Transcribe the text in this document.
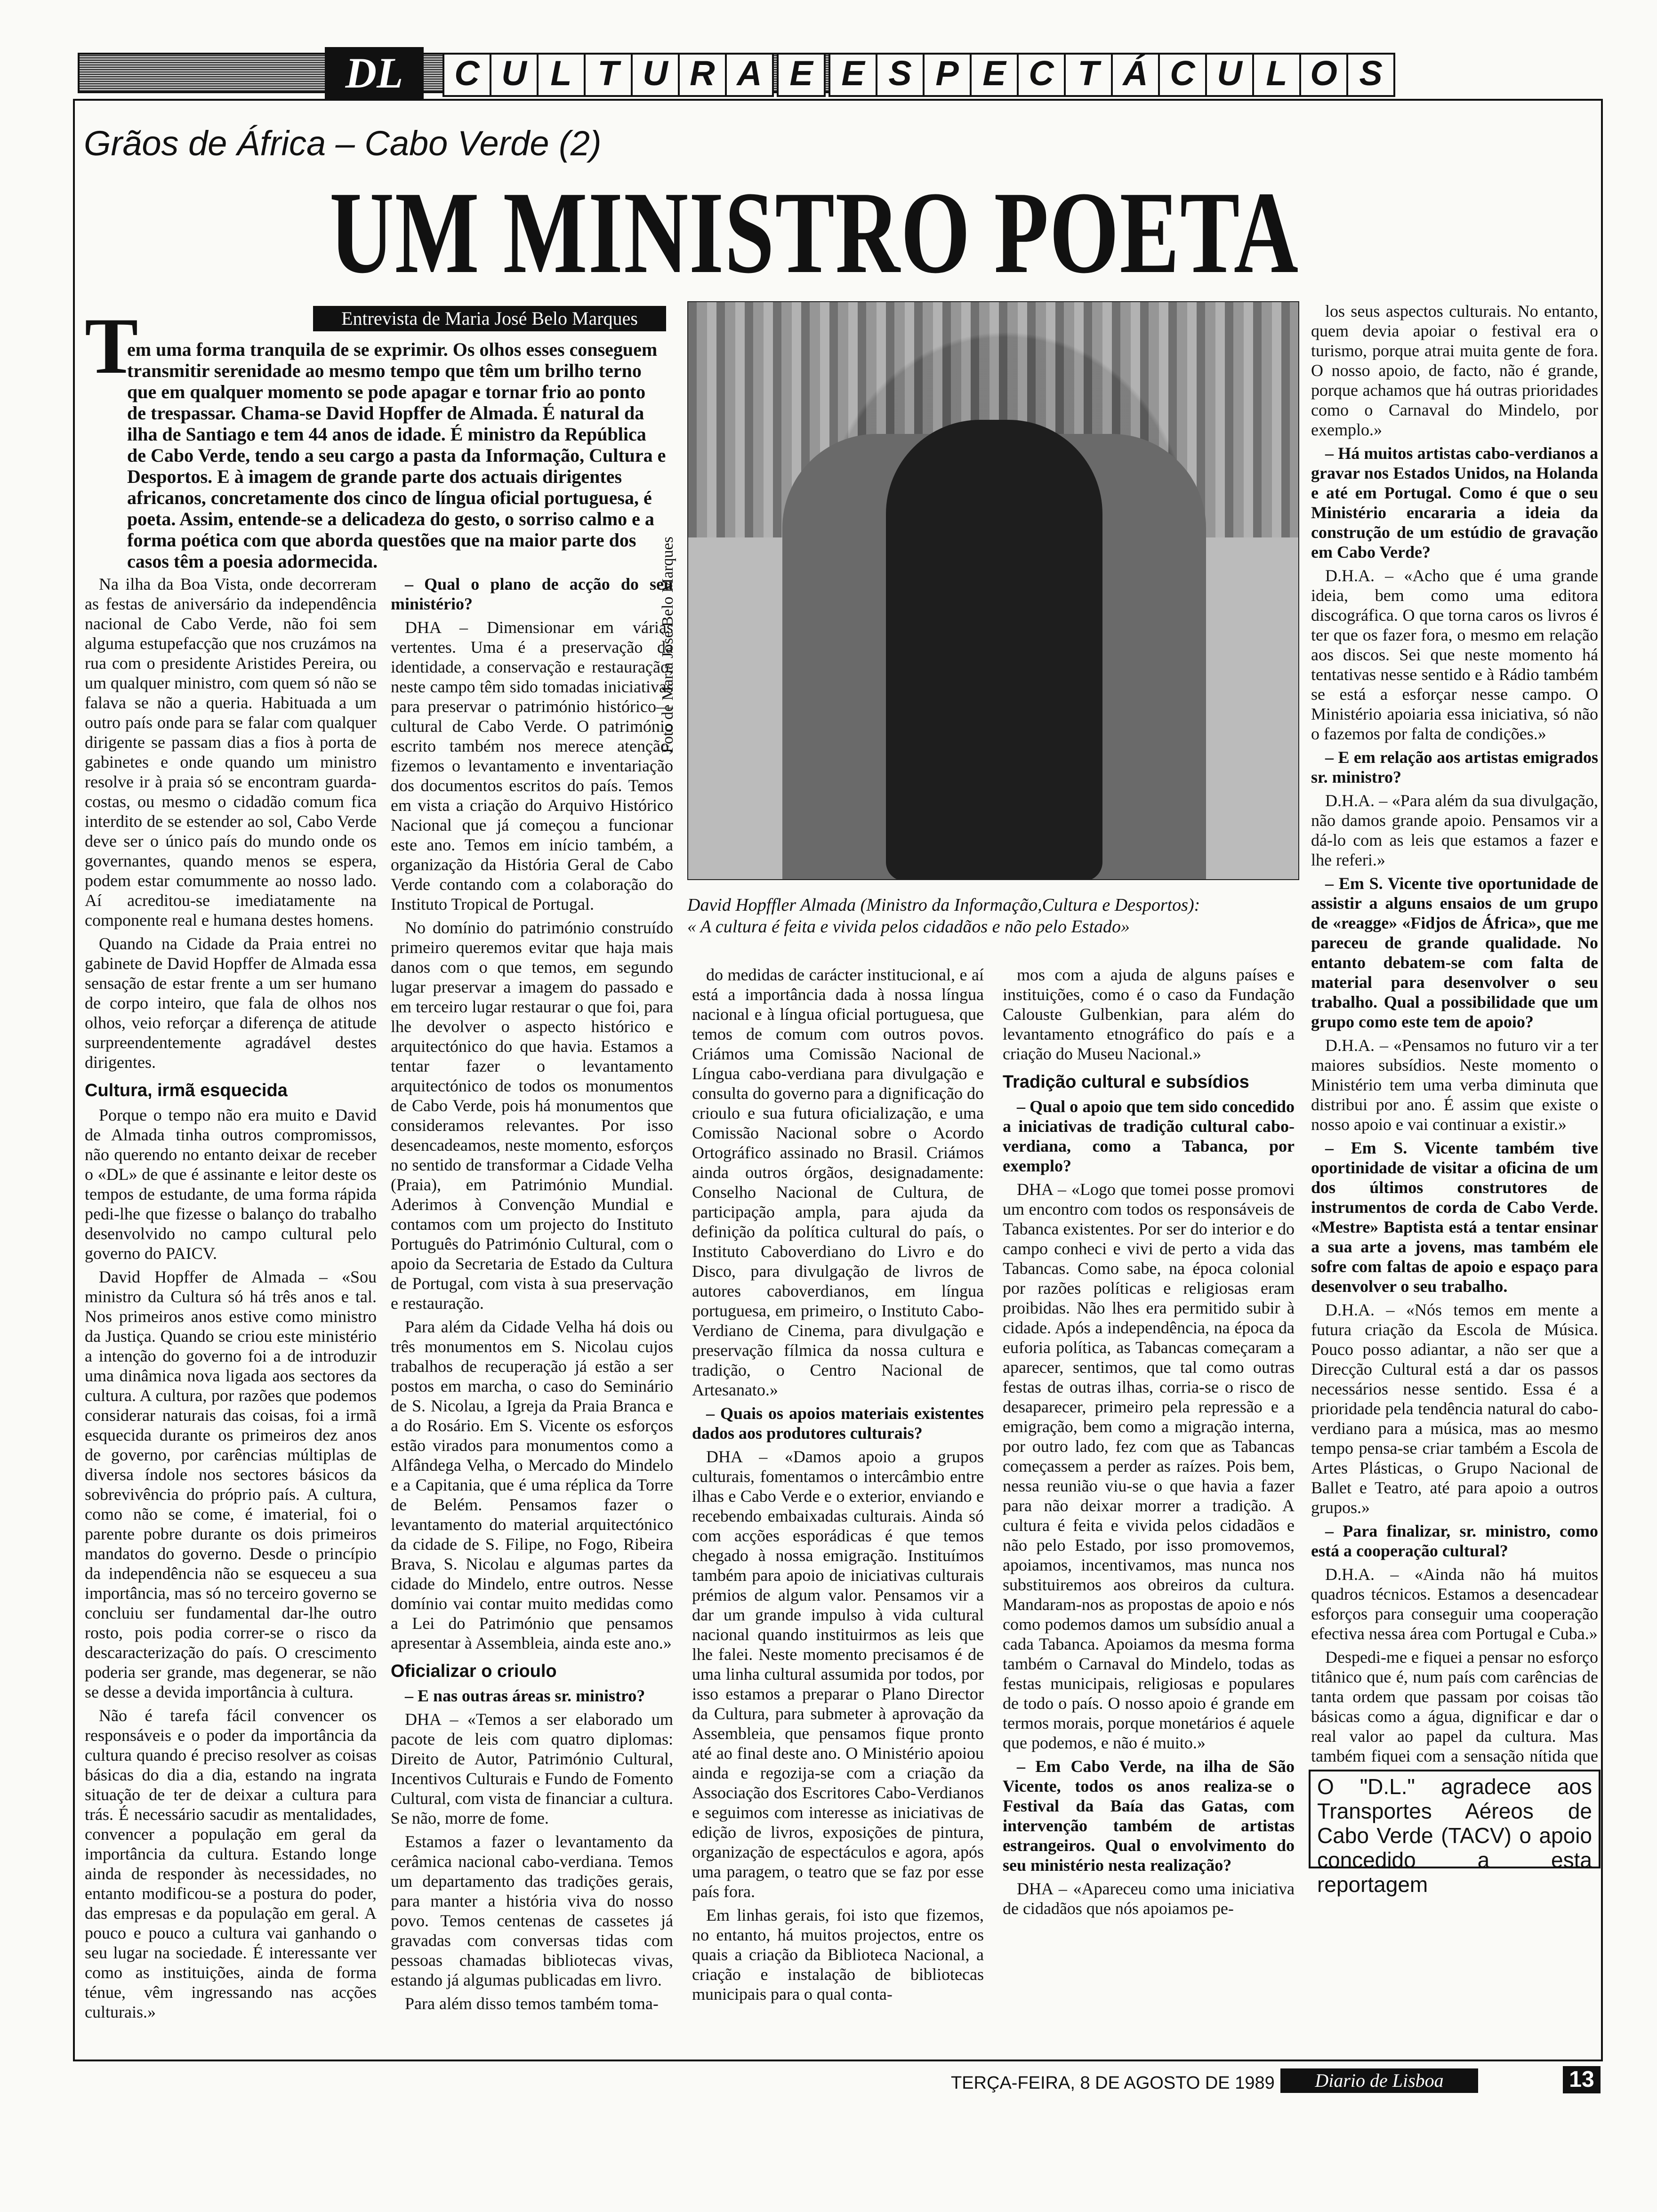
DL	C U L T U R A E E S P E C T Á C U L O S
Grãos de África – Cabo Verde (2)
UM MINISTRO POETA
Entrevista de Maria José Belo Marques
T
em uma forma tranquila de se exprimir. Os olhos esses conseguem transmitir serenidade ao mesmo tempo que têm um brilho terno que em qualquer momento se pode apagar e tornar frio ao ponto de trespassar. Chama-se David Hopffer de Almada. É natural da ilha de Santiago e tem 44 anos de idade. É ministro da República de Cabo Verde, tendo a seu cargo a pasta da Informação, Cultura e Desportos. E à imagem de grande parte dos actuais dirigentes africanos, concretamente dos cinco de língua oficial portuguesa, é poeta. Assim, entende-se a delicadeza do gesto, o sorriso calmo e a forma poética com que aborda questões que na maior parte dos casos têm a poesia adormecida.	Foto de Maria José Belo Marques
David Hopffler Almada (Ministro da Informação,Cultura e Desportos):
« A cultura é feita e vivida pelos cidadãos e não pelo Estado»

Na ilha da Boa Vista, onde decorreram as festas de aniversário da independência nacional de Cabo Verde, não foi sem alguma estupefacção que nos cruzámos na rua com o presidente Aristides Pereira, ou um qualquer ministro, com quem só não se falava se não a queria. Habituada a um outro país onde para se falar com qualquer dirigente se passam dias a fios à porta de gabinetes e onde quando um ministro resolve ir à praia só se encontram guarda-costas, ou mesmo o cidadão comum fica interdito de se estender ao sol, Cabo Verde deve ser o único país do mundo onde os governantes, quando menos se espera, podem estar comummente ao nosso lado. Aí acreditou-se imediatamente na componente real e humana destes homens.

Quando na Cidade da Praia entrei no gabinete de David Hopffer de Almada essa sensação de estar frente a um ser humano de corpo inteiro, que fala de olhos nos olhos, veio reforçar a diferença de atitude surpreendentemente agradável destes dirigentes.

Cultura, irmã esquecida

Porque o tempo não era muito e David de Almada tinha outros compromissos, não querendo no entanto deixar de receber o «DL» de que é assinante e leitor deste os tempos de estudante, de uma forma rápida pedi-lhe que fizesse o balanço do trabalho desenvolvido no campo cultural pelo governo do PAICV.

David Hopffer de Almada – «Sou ministro da Cultura só há três anos e tal. Nos primeiros anos estive como ministro da Justiça. Quando se criou este ministério a intenção do governo foi a de introduzir uma dinâmica nova ligada aos sectores da cultura. A cultura, por razões que podemos considerar naturais das coisas, foi a irmã esquecida durante os primeiros dez anos de governo, por carências múltiplas de diversa índole nos sectores básicos da sobrevivência do próprio país. A cultura, como não se come, é imaterial, foi o parente pobre durante os dois primeiros mandatos do governo. Desde o princípio da independência não se esqueceu a sua importância, mas só no terceiro governo se concluiu ser fundamental dar-lhe outro rosto, pois podia correr-se o risco da descaracterização do país. O crescimento poderia ser grande, mas degenerar, se não se desse a devida importância à cultura.

Não é tarefa fácil convencer os responsáveis e o poder da importância da cultura quando é preciso resolver as coisas básicas do dia a dia, estando na ingrata situação de ter de deixar a cultura para trás. É necessário sacudir as mentalidades, convencer a população em geral da importância da cultura. Estando longe ainda de responder às necessidades, no entanto modificou-se a postura do poder, das empresas e da população em geral. A pouco e pouco a cultura vai ganhando o seu lugar na sociedade. É interessante ver como as instituições, ainda de forma ténue, vêm ingressando nas acções culturais.»

– Qual o plano de acção do seu ministério?

DHA – Dimensionar em várias vertentes. Uma é a preservação da identidade, a conservação e restauração, neste campo têm sido tomadas iniciativas para preservar o património histórico—cultural de Cabo Verde. O património escrito também nos merece atenção, fizemos o levantamento e inventariação dos documentos escritos do país. Temos em vista a criação do Arquivo Histórico Nacional que já começou a funcionar este ano. Temos em início também, a organização da História Geral de Cabo Verde contando com a colaboração do Instituto Tropical de Portugal.

No domínio do património construído primeiro queremos evitar que haja mais danos com o que temos, em segundo lugar preservar a imagem do passado e em terceiro lugar restaurar o que foi, para lhe devolver o aspecto histórico e arquitectónico do que havia. Estamos a tentar fazer o levantamento arquitectónico de todos os monumentos de Cabo Verde, pois há monumentos que consideramos relevantes. Por isso desencadeamos, neste momento, esforços no sentido de transformar a Cidade Velha (Praia), em Património Mundial. Aderimos à Convenção Mundial e contamos com um projecto do Instituto Português do Património Cultural, com o apoio da Secretaria de Estado da Cultura de Portugal, com vista à sua preservação e restauração.

Para além da Cidade Velha há dois ou três monumentos em S. Nicolau cujos trabalhos de recuperação já estão a ser postos em marcha, o caso do Seminário de S. Nicolau, a Igreja da Praia Branca e a do Rosário. Em S. Vicente os esforços estão virados para monumentos como a Alfândega Velha, o Mercado do Mindelo e a Capitania, que é uma réplica da Torre de Belém. Pensamos fazer o levantamento do material arquitectónico da cidade de S. Filipe, no Fogo, Ribeira Brava, S. Nicolau e algumas partes da cidade do Mindelo, entre outros. Nesse domínio vai contar muito medidas como a Lei do Património que pensamos apresentar à Assembleia, ainda este ano.»

Oficializar o crioulo

– E nas outras áreas sr. ministro?

DHA – «Temos a ser elaborado um pacote de leis com quatro diplomas: Direito de Autor, Património Cultural, Incentivos Culturais e Fundo de Fomento Cultural, com vista de financiar a cultura. Se não, morre de fome.

Estamos a fazer o levantamento da cerâmica nacional cabo-verdiana. Temos um departamento das tradições gerais, para manter a história viva do nosso povo. Temos centenas de cassetes já gravadas com conversas tidas com pessoas chamadas bibliotecas vivas, estando já algumas publicadas em livro.

Para além disso temos também toma-

do medidas de carácter institucional, e aí está a importância dada à nossa língua nacional e à língua oficial portuguesa, que temos de comum com outros povos. Criámos uma Comissão Nacional de Língua cabo-verdiana para divulgação e consulta do governo para a dignificação do crioulo e sua futura oficialização, e uma Comissão Nacional sobre o Acordo Ortográfico assinado no Brasil. Criámos ainda outros órgãos, designadamente: Conselho Nacional de Cultura, de participação ampla, para ajuda da definição da política cultural do país, o Instituto Caboverdiano do Livro e do Disco, para divulgação de livros de autores caboverdianos, em língua portuguesa, em primeiro, o Instituto Cabo-Verdiano de Cinema, para divulgação e preservação fílmica da nossa cultura e tradição, o Centro Nacional de Artesanato.»

– Quais os apoios materiais existentes dados aos produtores culturais?

DHA – «Damos apoio a grupos culturais, fomentamos o intercâmbio entre ilhas e Cabo Verde e o exterior, enviando e recebendo embaixadas culturais. Ainda só com acções esporádicas é que temos chegado à nossa emigração. Instituímos também para apoio de iniciativas culturais prémios de algum valor. Pensamos vir a dar um grande impulso à vida cultural nacional quando instituirmos as leis que lhe falei. Neste momento precisamos é de uma linha cultural assumida por todos, por isso estamos a preparar o Plano Director da Cultura, para submeter à aprovação da Assembleia, que pensamos fique pronto até ao final deste ano. O Ministério apoiou ainda e regozija-se com a criação da Associação dos Escritores Cabo-Verdianos e seguimos com interesse as iniciativas de edição de livros, exposições de pintura, organização de espectáculos e agora, após uma paragem, o teatro que se faz por esse país fora.

Em linhas gerais, foi isto que fizemos, no entanto, há muitos projectos, entre os quais a criação da Biblioteca Nacional, a criação e instalação de bibliotecas municipais para o qual conta-

mos com a ajuda de alguns países e instituições, como é o caso da Fundação Calouste Gulbenkian, para além do levantamento etnográfico do país e a criação do Museu Nacional.»

Tradição cultural e subsídios

– Qual o apoio que tem sido concedido a iniciativas de tradição cultural cabo-verdiana, como a Tabanca, por exemplo?

DHA – «Logo que tomei posse promovi um encontro com todos os responsáveis de Tabanca existentes. Por ser do interior e do campo conheci e vivi de perto a vida das Tabancas. Como sabe, na época colonial por razões políticas e religiosas eram proibidas. Não lhes era permitido subir à cidade. Após a independência, na época da euforia política, as Tabancas começaram a aparecer, sentimos, que tal como outras festas de outras ilhas, corria-se o risco de desaparecer, primeiro pela repressão e a emigração, bem como a migração interna, por outro lado, fez com que as Tabancas começassem a perder as raízes. Pois bem, nessa reunião viu-se o que havia a fazer para não deixar morrer a tradição. A cultura é feita e vivida pelos cidadãos e não pelo Estado, por isso promovemos, apoiamos, incentivamos, mas nunca nos substituiremos aos obreiros da cultura. Mandaram-nos as propostas de apoio e nós como podemos damos um subsídio anual a cada Tabanca. Apoiamos da mesma forma também o Carnaval do Mindelo, todas as festas municipais, religiosas e populares de todo o país. O nosso apoio é grande em termos morais, porque monetários é aquele que podemos, e não é muito.»

– Em Cabo Verde, na ilha de São Vicente, todos os anos realiza-se o Festival da Baía das Gatas, com intervenção também de artistas estrangeiros. Qual o envolvimento do seu ministério nesta realização?

DHA – «Apareceu como uma iniciativa de cidadãos que nós apoiamos pe-

los seus aspectos culturais. No entanto, quem devia apoiar o festival era o turismo, porque atrai muita gente de fora. O nosso apoio, de facto, não é grande, porque achamos que há outras prioridades como o Carnaval do Mindelo, por exemplo.»

– Há muitos artistas cabo-verdianos a gravar nos Estados Unidos, na Holanda e até em Portugal. Como é que o seu Ministério encararia a ideia da construção de um estúdio de gravação em Cabo Verde?

D.H.A. – «Acho que é uma grande ideia, bem como uma editora discográfica. O que torna caros os livros é ter que os fazer fora, o mesmo em relação aos discos. Sei que neste momento há tentativas nesse sentido e à Rádio também se está a esforçar nesse campo. O Ministério apoiaria essa iniciativa, só não o fazemos por falta de condições.»

– E em relação aos artistas emigrados sr. ministro?

D.H.A. – «Para além da sua divulgação, não damos grande apoio. Pensamos vir a dá-lo com as leis que estamos a fazer e lhe referi.»

– Em S. Vicente tive oportunidade de assistir a alguns ensaios de um grupo de «reagge» «Fidjos de África», que me pareceu de grande qualidade. No entanto debatem-se com falta de material para desenvolver o seu trabalho. Qual a possibilidade que um grupo como este tem de apoio?

D.H.A. – «Pensamos no futuro vir a ter maiores subsídios. Neste momento o Ministério tem uma verba diminuta que distribui por ano. É assim que existe o nosso apoio e vai continuar a existir.»

– Em S. Vicente também tive oportinidade de visitar a oficina de um dos últimos construtores de instrumentos de corda de Cabo Verde. «Mestre» Baptista está a tentar ensinar a sua arte a jovens, mas também ele sofre com faltas de apoio e espaço para desenvolver o seu trabalho.

D.H.A. – «Nós temos em mente a futura criação da Escola de Música. Pouco posso adiantar, a não ser que a Direcção Cultural está a dar os passos necessários nesse sentido. Essa é a prioridade pela tendência natural do cabo-verdiano para a música, mas ao mesmo tempo pensa-se criar também a Escola de Artes Plásticas, o Grupo Nacional de Ballet e Teatro, até para apoio a outros grupos.»

– Para finalizar, sr. ministro, como está a cooperação cultural?

D.H.A. – «Ainda não há muitos quadros técnicos. Estamos a desencadear esforços para conseguir uma cooperação efectiva nessa área com Portugal e Cuba.»

Despedi-me e fiquei a pensar no esforço titânico que é, num país com carências de tanta ordem que passam por coisas tão básicas como a água, dignificar e dar o real valor ao papel da cultura. Mas também fiquei com a sensação nítida que

O "D.L." agradece aos Transportes Aéreos de Cabo Verde (TACV) o apoio concedido a esta reportagem
TERÇA-FEIRA, 8 DE AGOSTO DE 1989	Diario de Lisboa	13
